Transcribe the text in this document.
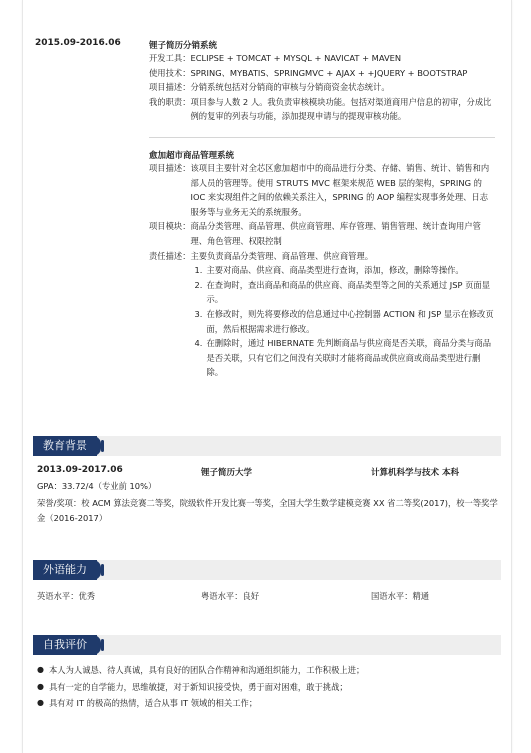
2015.09-2016.06	锂子简历分销系统
开发工具： ECLIPSE + TOMCAT + MYSQL + NAVICAT + MAVEN
使用技术： SPRING、MYBATIS、SPRINGMVC + AJAX + +JQUERY + BOOTSTRAP
项目描述： 分销系统包括对分销商的审核与分销商资金状态统计。
我的职责： 项目参与人数 2 人。我负责审核模块功能。包括对渠道商用户信息的初审，分成比例的复审的列表与功能，添加提现申请与的提现审核功能。
愈加超市商品管理系统
项目描述： 该项目主要针对全芯区愈加超市中的商品进行分类、存储、销售、统计、销售和内部人员的管理等。使用 STRUTS MVC 框架来规范 WEB 层的架构，SPRING 的 IOC 来实现组件之间的依赖关系注入，SPRING 的 AOP 编程实现事务处理、日志服务等与业务无关的系统服务。
项目模块： 商品分类管理、商品管理、供应商管理、库存管理、销售管理、统计查询用户管理、角色管理、权限控制
责任描述： 主要负责商品分类管理、商品管理、供应商管理。
1. 主要对商品、供应商、商品类型进行查询，添加，修改，删除等操作。
2. 在查询时，查出商品和商品的供应商、商品类型等之间的关系通过 JSP 页面显示。
3. 在修改时，则先将要修改的信息通过中心控制器 ACTION 和 JSP 显示在修改页面，然后根据需求进行修改。
4. 在删除时，通过 HIBERNATE 先判断商品与供应商是否关联，商品分类与商品是否关联，只有它们之间没有关联时才能将商品或供应商或商品类型进行删除。
教育背景
2013.09-2017.06	锂子简历大学	计算机科学与技术 本科
GPA：33.72/4（专业前 10%）
荣誉/奖项：校 ACM 算法竞赛二等奖，院级软件开发比赛一等奖，全国大学生数学建模竞赛 XX 省二等奖(2017)，校一等奖学金（2016-2017）
外语能力
英语水平：优秀	粤语水平：良好	国语水平：精通
自我评价
● 本人为人诚恳、待人真诚，具有良好的团队合作精神和沟通组织能力，工作积极上进；
● 具有一定的自学能力，思维敏捷，对于新知识接受快，勇于面对困难，敢于挑战；
● 具有对 IT 的极高的热情，适合从事 IT 领域的相关工作；
